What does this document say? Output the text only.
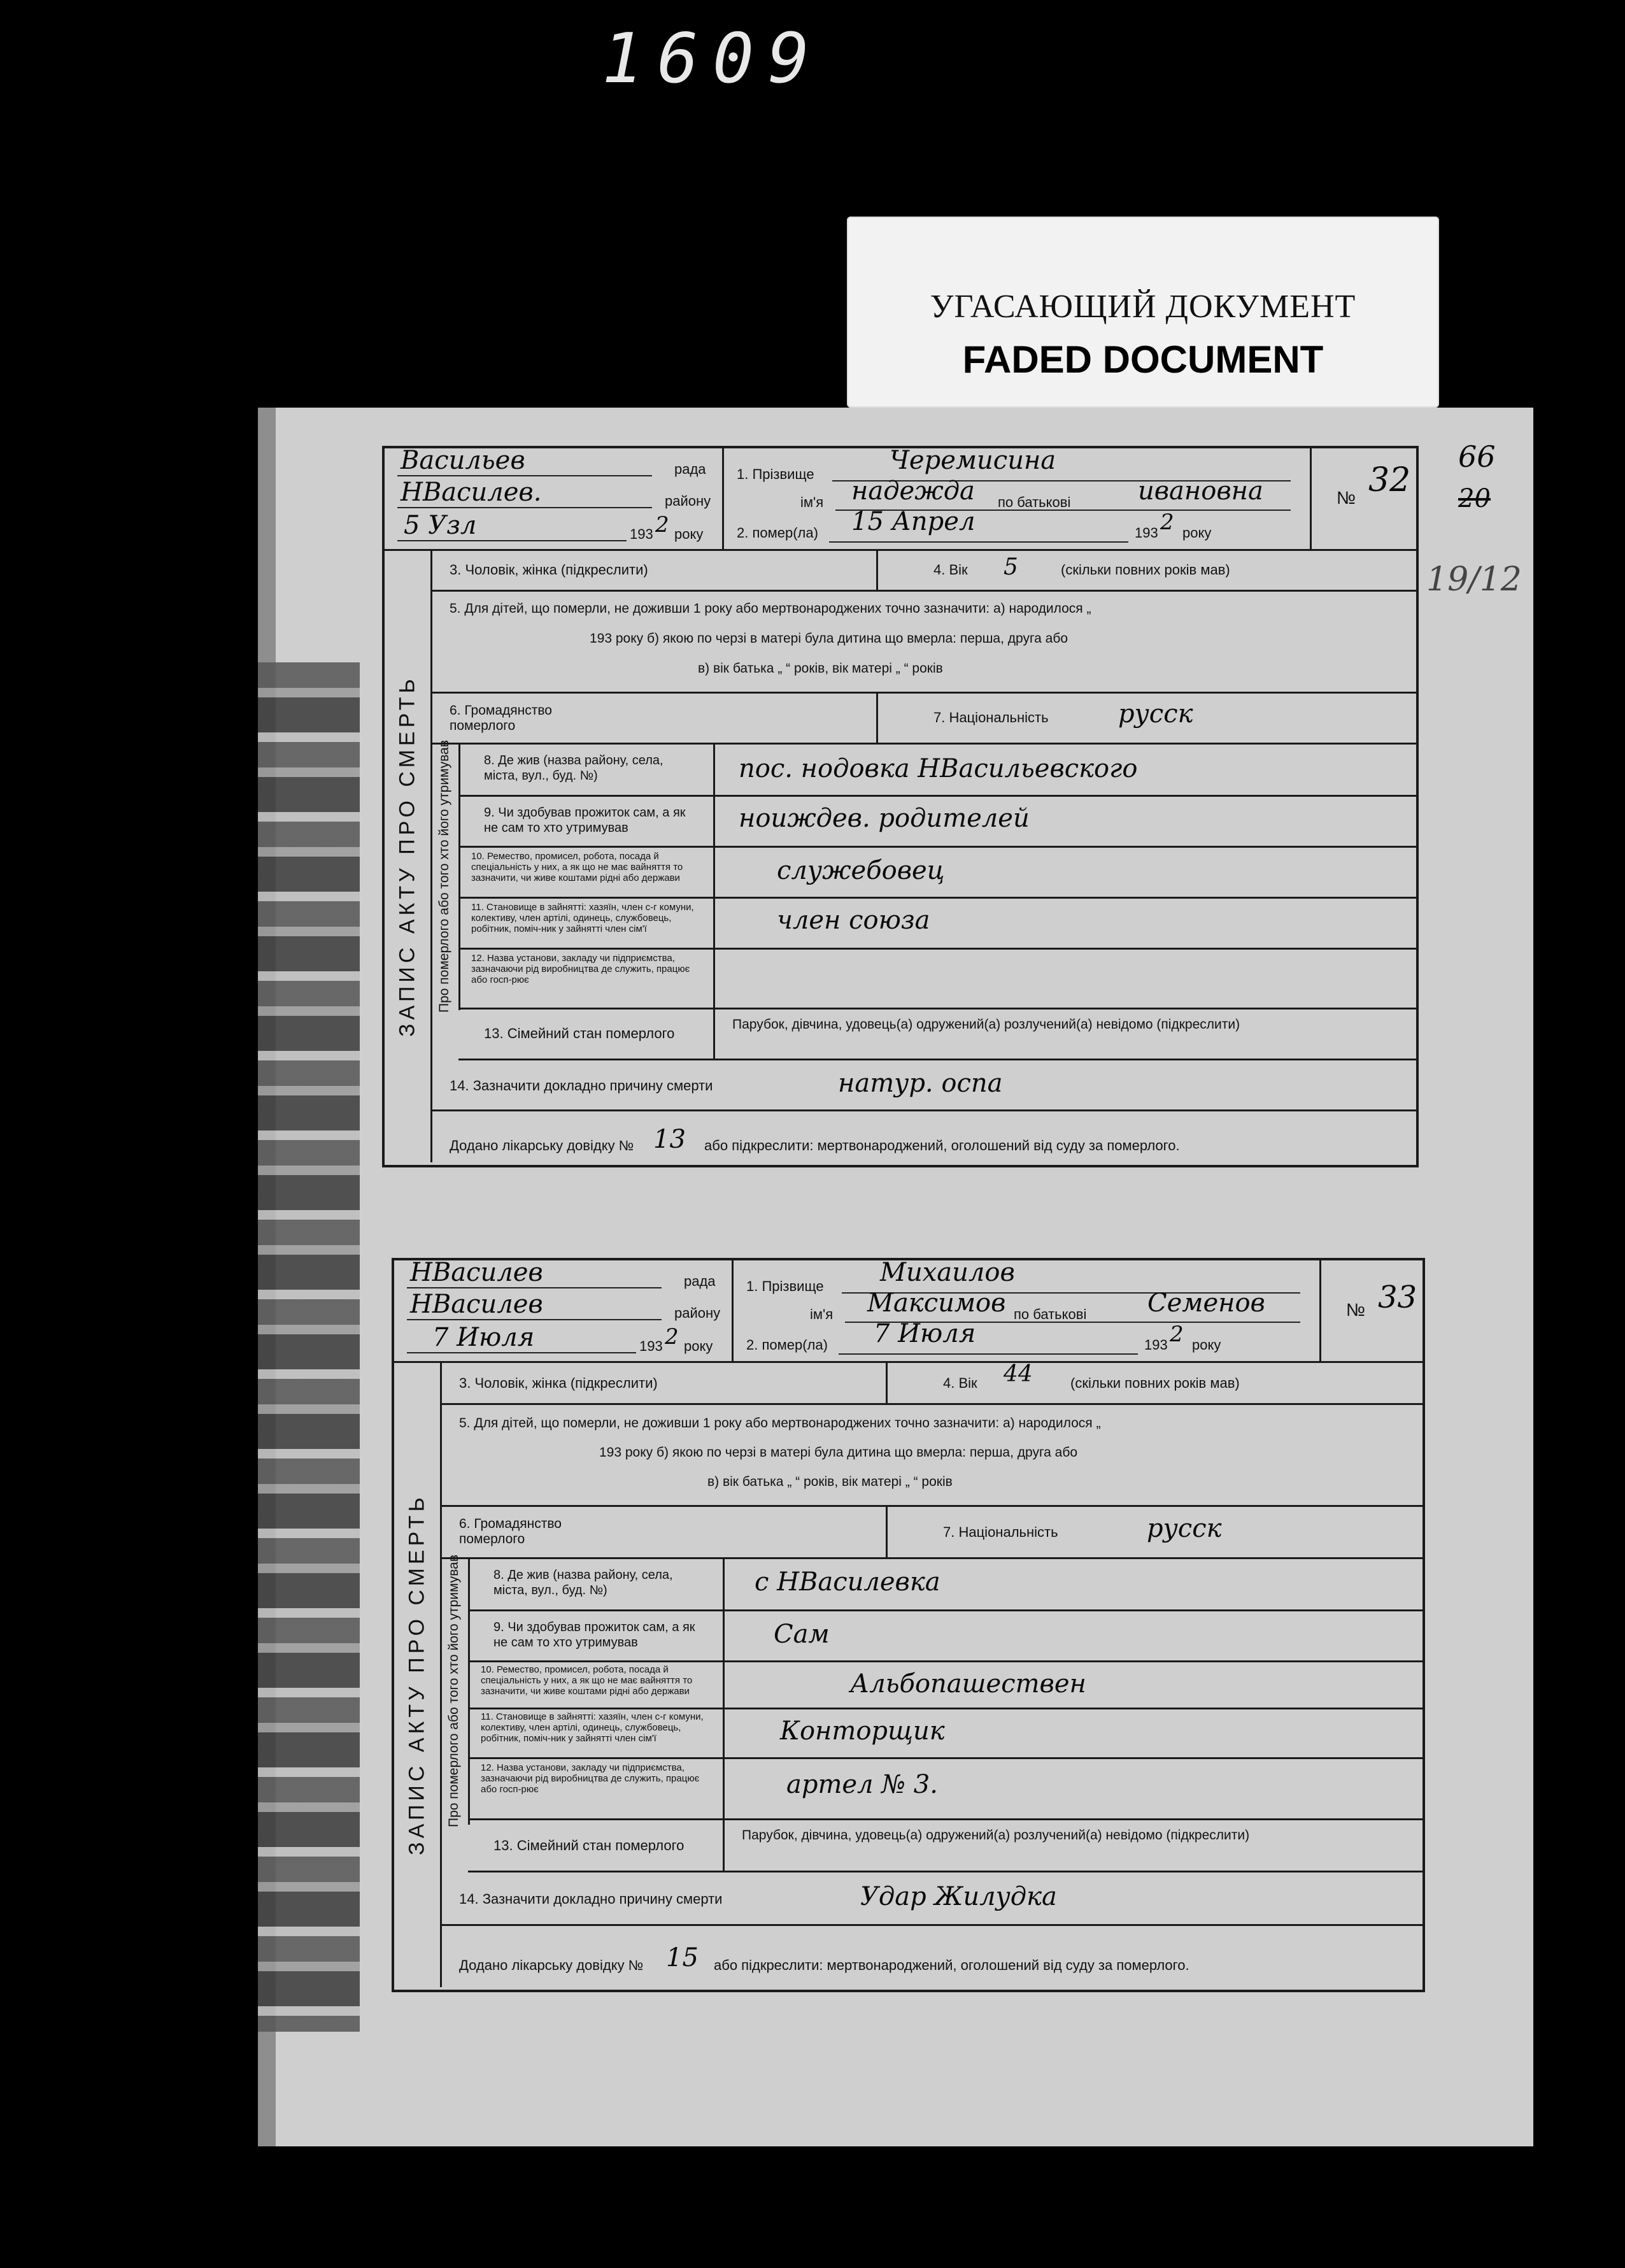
1609
УГАСАЮЩИЙ ДОКУМЕНТ
FADED DOCUMENT
66
20
19/12
Васильев	рада
НВасилев.	району
5 Узл	193 2 року
1. Прізвище	Черемисина
ім'я надежда по батькові	ивановна
2. помер(ла) 15 Апрел	193 2 року
№ 32
ЗАПИС АКТУ ПРО СМЕРТЬ
3. Чоловік, жінка (підкреслити)	4. Вік 5	(скільки повних років мав)
5. Для дітей, що померли, не доживши 1 року або мертвонароджених точно зазначити: а) народилося „
193 року б) якою по черзі в матері була дитина що вмерла: перша, друга або
в) вік батька „ “ років, вік матері „ “ років
6. Громадянство померлого
7. Національність	русск
Про померлого або того хто його утримував	8. Де жив (назва району, села, міста, вул., буд. №)	пос. нодовка НВасильевского
9. Чи здобував прожиток сам, а як не сам то хто утримував	ноиждев. родителей
10. Ремество, промисел, робота, посада й спеціальність у них, а як що не має вайняття то зазначити, чи живе коштами рідні або держави	служебовец
11. Становище в зайнятті: хазяїн, член с-г комуни, колективу, член артілі, одинець, службовець, робітник, поміч-ник у зайнятті член сім'ї	член союза
12. Назва установи, закладу чи підприємства, зазначаючи рід виробництва де служить, працює або госп-рює
13. Сімейний стан померлого
Парубок, дівчина, удовець(а) одружений(а) розлучений(а) невідомо (підкреслити)
14. Зазначити докладно причину смерти	натур. оспа
Додано лікарську довідку № 13 або підкреслити: мертвонароджений, оголошений від суду за померлого.
НВасилев	рада
НВасилев	району
7 Июля	193 2 року
1. Прізвище Михаилов
ім'я Максимов по батькові Семенов
2. помер(ла) 7 Июля	193 2 року
№ 33
ЗАПИС АКТУ ПРО СМЕРТЬ
3. Чоловік, жінка (підкреслити)	4. Вік 44	(скільки повних років мав)
5. Для дітей, що померли, не доживши 1 року або мертвонароджених точно зазначити: а) народилося „
193 року б) якою по черзі в матері була дитина що вмерла: перша, друга або
в) вік батька „ “ років, вік матері „ “ років
6. Громадянство померлого	7. Національність	русск
Про померлого або того хто його утримував	8. Де жив (назва району, села, міста, вул., буд. №)	с НВасилевка
9. Чи здобував прожиток сам, а як не сам то хто утримував	Сам
10. Ремество, промисел, робота, посада й спеціальність у них, а як що не має вайняття то зазначити, чи живе коштами рідні або держави	Альбопашествен
11. Становище в зайнятті: хазяїн, член с-г комуни, колективу, член артілі, одинець, службовець, робітник, поміч-ник у зайнятті член сім'ї	Конторщик
12. Назва установи, закладу чи підприємства, зазначаючи рід виробництва де служить, працює або госп-рює	артел № 3.
13. Сімейний стан померлого
Парубок, дівчина, удовець(а) одружений(а) розлучений(а) невідомо (підкреслити)
14. Зазначити докладно причину смерти	Удар Жилудка
Додано лікарську довідку № 15 або підкреслити: мертвонароджений, оголошений від суду за померлого.
